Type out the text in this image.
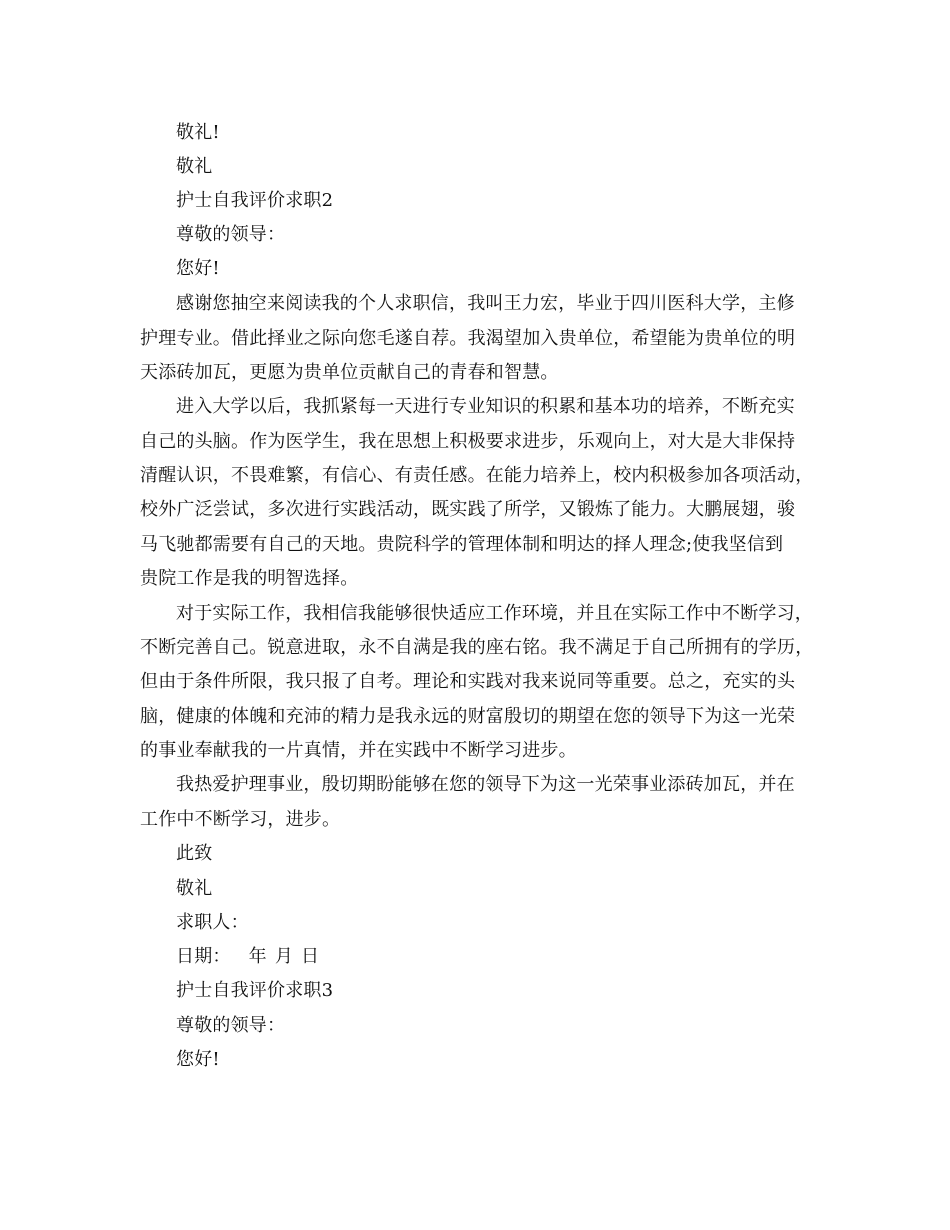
敬礼!
敬礼
护士自我评价求职2
尊敬的领导：
您好!
感谢您抽空来阅读我的个人求职信，我叫王力宏，毕业于四川医科大学，主修
护理专业。借此择业之际向您毛遂自荐。我渴望加入贵单位，希望能为贵单位的明
天添砖加瓦，更愿为贵单位贡献自己的青春和智慧。
进入大学以后，我抓紧每一天进行专业知识的积累和基本功的培养，不断充实
自己的头脑。作为医学生，我在思想上积极要求进步，乐观向上，对大是大非保持
清醒认识，不畏难繁，有信心、有责任感。在能力培养上，校内积极参加各项活动，
校外广泛尝试，多次进行实践活动，既实践了所学，又锻炼了能力。大鹏展翅，骏
马飞驰都需要有自己的天地。贵院科学的管理体制和明达的择人理念;使我坚信到
贵院工作是我的明智选择。
对于实际工作，我相信我能够很快适应工作环境，并且在实际工作中不断学习，
不断完善自己。锐意进取，永不自满是我的座右铭。我不满足于自己所拥有的学历，
但由于条件所限，我只报了自考。理论和实践对我来说同等重要。总之，充实的头
脑，健康的体魄和充沛的精力是我永远的财富殷切的期望在您的领导下为这一光荣
的事业奉献我的一片真情，并在实践中不断学习进步。
我热爱护理事业，殷切期盼能够在您的领导下为这一光荣事业添砖加瓦，并在
工作中不断学习，进步。
此致
敬礼
求职人：
日期： 年 月 日
护士自我评价求职3
尊敬的领导：
您好!
